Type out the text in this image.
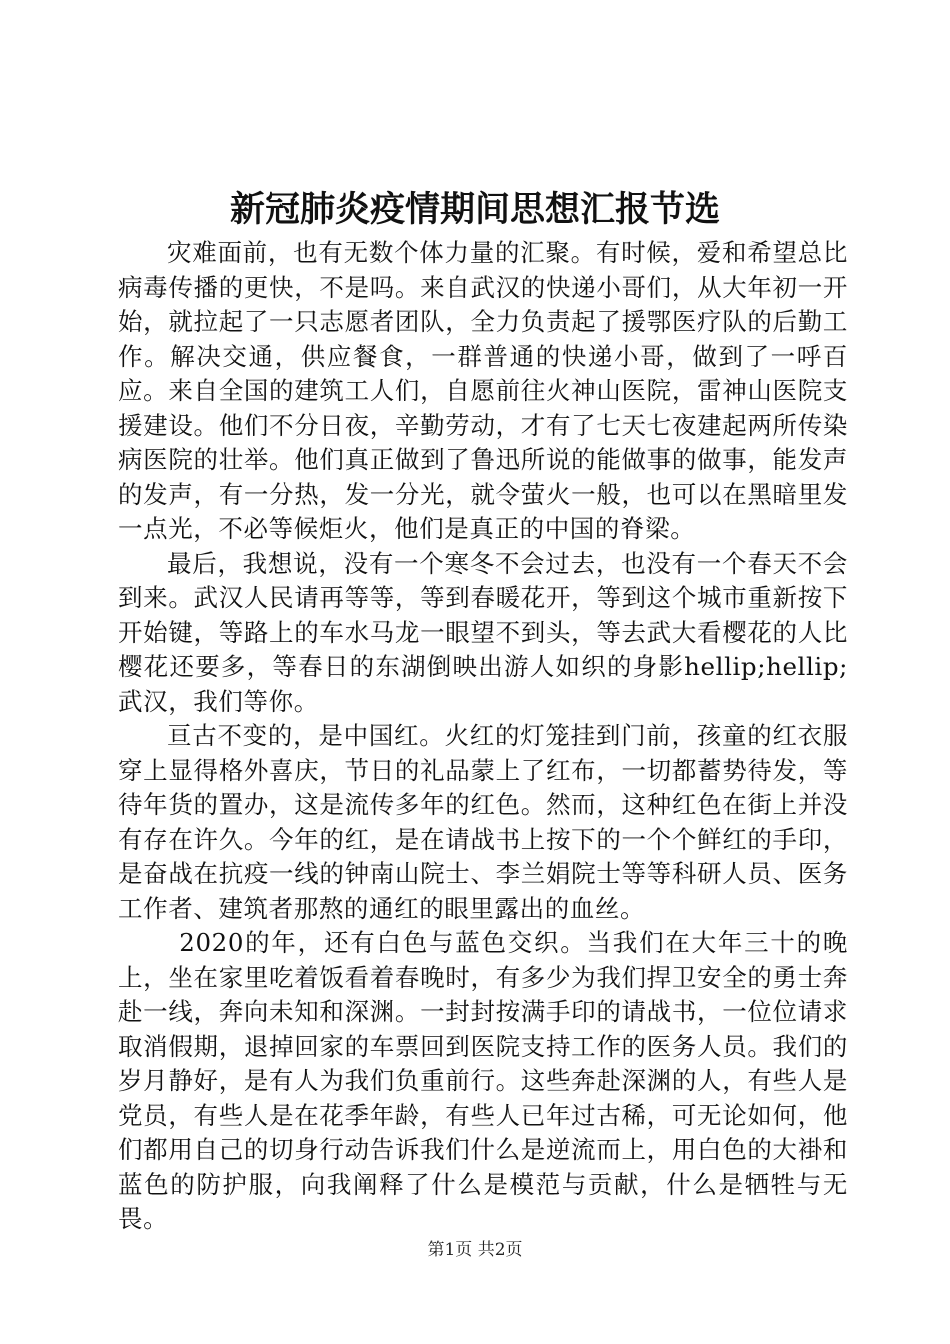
新冠肺炎疫情期间思想汇报节选

灾难面前，也有无数个体力量的汇聚。有时候，爱和希望总比病毒传播的更快，不是吗。来自武汉的快递小哥们，从大年初一开始，就拉起了一只志愿者团队，全力负责起了援鄂医疗队的后勤工作。解决交通，供应餐食，一群普通的快递小哥，做到了一呼百应。来自全国的建筑工人们，自愿前往火神山医院，雷神山医院支援建设。他们不分日夜，辛勤劳动，才有了七天七夜建起两所传染病医院的壮举。他们真正做到了鲁迅所说的能做事的做事，能发声的发声，有一分热，发一分光，就令萤火一般，也可以在黑暗里发一点光，不必等候炬火，他们是真正的中国的脊梁。

最后，我想说，没有一个寒冬不会过去，也没有一个春天不会到来。武汉人民请再等等，等到春暖花开，等到这个城市重新按下开始键，等路上的车水马龙一眼望不到头，等去武大看樱花的人比樱花还要多，等春日的东湖倒映出游人如织的身影hellip;hellip;武汉，我们等你。

亘古不变的，是中国红。火红的灯笼挂到门前，孩童的红衣服穿上显得格外喜庆，节日的礼品蒙上了红布，一切都蓄势待发，等待年货的置办，这是流传多年的红色。然而，这种红色在街上并没有存在许久。今年的红，是在请战书上按下的一个个鲜红的手印，是奋战在抗疫一线的钟南山院士、李兰娟院士等等科研人员、医务工作者、建筑者那熬的通红的眼里露出的血丝。

2020的年，还有白色与蓝色交织。当我们在大年三十的晚上，坐在家里吃着饭看着春晚时，有多少为我们捍卫安全的勇士奔赴一线，奔向未知和深渊。一封封按满手印的请战书，一位位请求取消假期，退掉回家的车票回到医院支持工作的医务人员。我们的岁月静好，是有人为我们负重前行。这些奔赴深渊的人，有些人是党员，有些人是在花季年龄，有些人已年过古稀，可无论如何，他们都用自己的切身行动告诉我们什么是逆流而上，用白色的大褂和蓝色的防护服，向我阐释了什么是模范与贡献，什么是牺牲与无畏。

第1页 共2页
